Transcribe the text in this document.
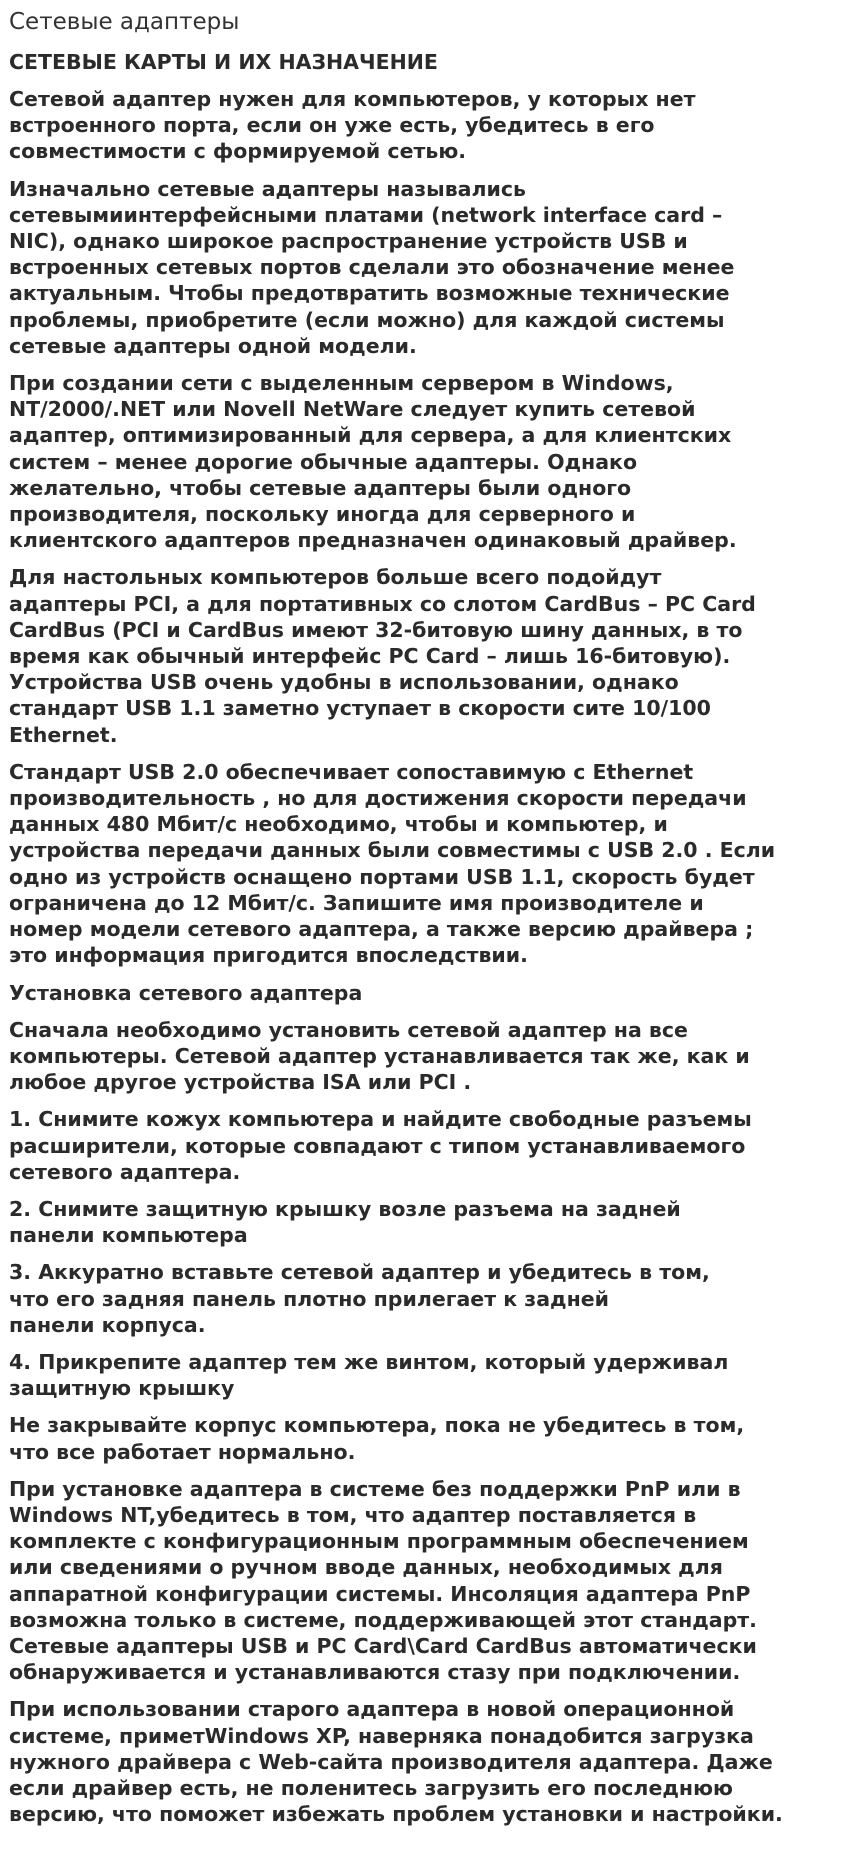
Сетевые адаптеры
СЕТЕВЫЕ КАРТЫ И ИХ НАЗНАЧЕНИЕ

Сетевой адаптер нужен для компьютеров, у которых нет
встроенного порта, если он уже есть, убедитесь в его
совместимости с формируемой сетью.

Изначально сетевые адаптеры назывались
сетевымиинтерфейсными платами (network interface card –
NIC), однако широкое распространение устройств USB и
встроенных сетевых портов сделали это обозначение менее
актуальным. Чтобы предотвратить возможные технические
проблемы, приобретите (если можно) для каждой системы
сетевые адаптеры одной модели.

При создании сети с выделенным сервером в Windows,
NT/2000/.NET или Novell NetWare следует купить сетевой
адаптер, оптимизированный для сервера, а для клиентских
систем – менее дорогие обычные адаптеры. Однако
желательно, чтобы сетевые адаптеры были одного
производителя, поскольку иногда для серверного и
клиентского адаптеров предназначен одинаковый драйвер.

Для настольных компьютеров больше всего подойдут
адаптеры PCI, а для портативных со слотом CardBus – PC Card
CardBus (PCI и CardBus имеют 32-битовую шину данных, в то
время как обычный интерфейс PC Card – лишь 16-битовую).
Устройства USB очень удобны в использовании, однако
стандарт USB 1.1 заметно уступает в скорости сите 10/100
Ethernet.

Стандарт USB 2.0 обеспечивает сопоставимую с Ethernet
производительность , но для достижения скорости передачи
данных 480 Мбит/с необходимо, чтобы и компьютер, и
устройства передачи данных были совместимы с USB 2.0 . Если
одно из устройств оснащено портами USB 1.1, скорость будет
ограничена до 12 Мбит/с. Запишите имя производителе и
номер модели сетевого адаптера, а также версию драйвера ;
это информация пригодится впоследствии.

Установка сетевого адаптера

Сначала необходимо установить сетевой адаптер на все
компьютеры. Сетевой адаптер устанавливается так же, как и
любое другое устройства ISA или PCI .

1. Снимите кожух компьютера и найдите свободные разъемы
расширители, которые совпадают с типом устанавливаемого
сетевого адаптера.

2. Снимите защитную крышку возле разъема на задней
панели компьютера

3. Аккуратно вставьте сетевой адаптер и убедитесь в том,
что его задняя панель плотно прилегает к задней
панели корпуса.

4. Прикрепите адаптер тем же винтом, который удерживал
защитную крышку

Не закрывайте корпус компьютера, пока не убедитесь в том,
что все работает нормально.

При установке адаптера в системе без поддержки PnP или в
Windows NT,убедитесь в том, что адаптер поставляется в
комплекте с конфигурационным программным обеспечением
или сведениями о ручном вводе данных, необходимых для
аппаратной конфигурации системы. Инсоляция адаптера PnP
возможна только в системе, поддерживающей этот стандарт.
Сетевые адаптеры USB и PC Card\Card CardBus автоматически
обнаруживается и устанавливаются стазу при подключении.

При использовании старого адаптера в новой операционной
системе, приметWindows XP, наверняка понадобится загрузка
нужного драйвера с Web-сайта производителя адаптера. Даже
если драйвер есть, не поленитесь загрузить его последнюю
версию, что поможет избежать проблем установки и настройки.
